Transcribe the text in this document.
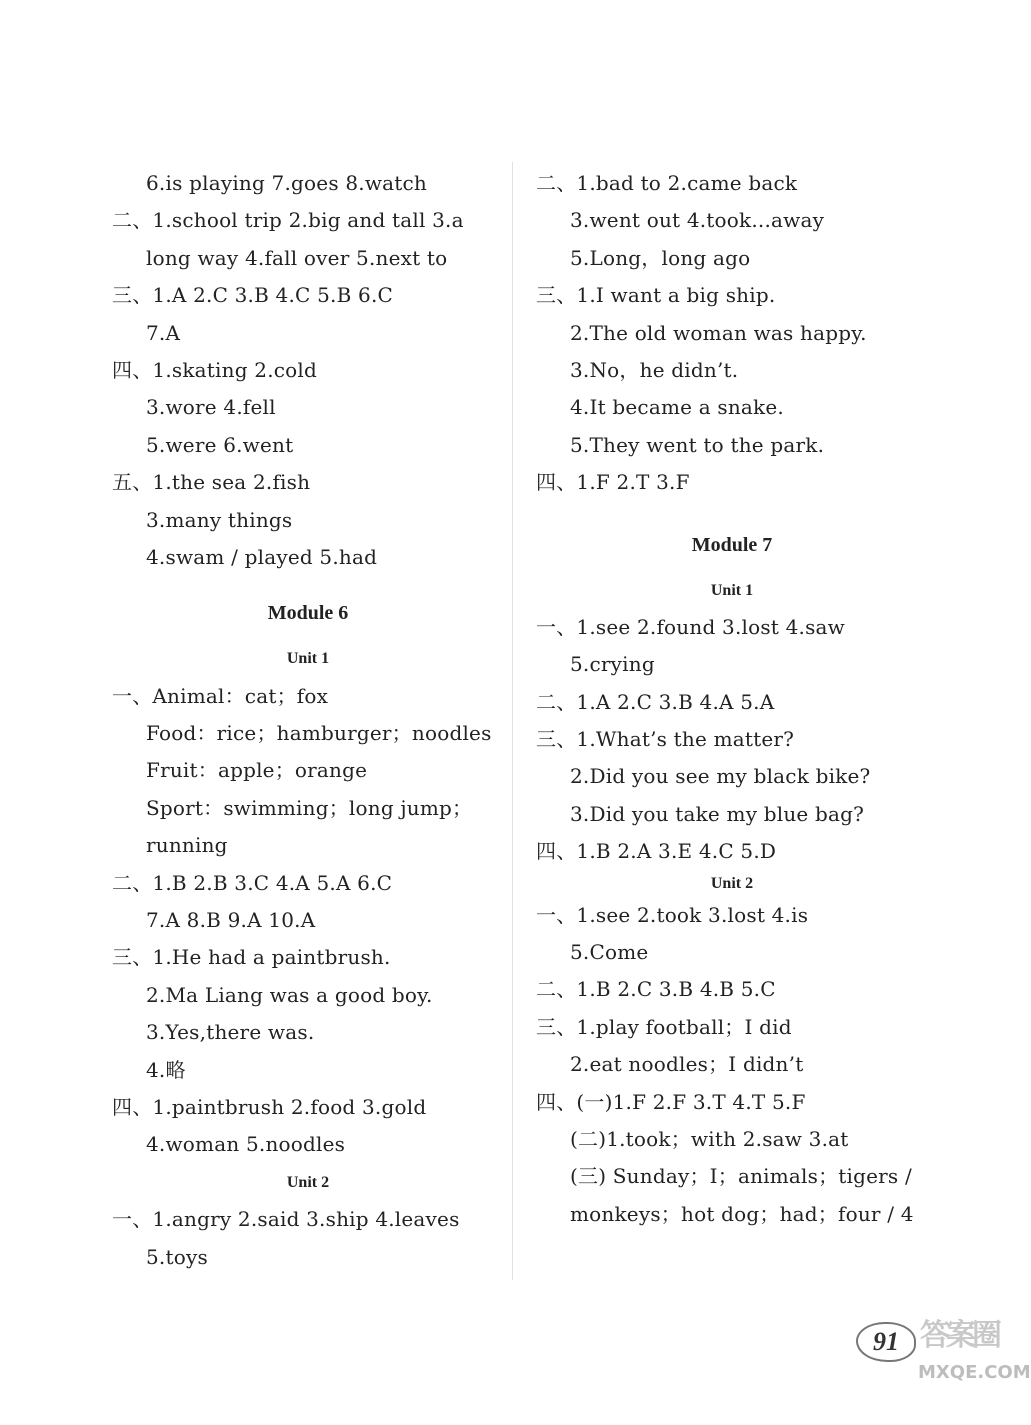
6.is playing 7.goes 8.watch
二、1.school trip 2.big and tall 3.a
long way 4.fall over 5.next to
三、1.A 2.C 3.B 4.C 5.B 6.C
7.A
四、1.skating 2.cold
3.wore 4.fell
5.were 6.went
五、1.the sea 2.fish
3.many things
4.swam / played 5.had
Module 6
Unit 1
一、Animal：cat；fox
Food：rice；hamburger；noodles
Fruit：apple；orange
Sport：swimming；long jump；
running
二、1.B 2.B 3.C 4.A 5.A 6.C
7.A 8.B 9.A 10.A
三、1.He had a paintbrush.
2.Ma Liang was a good boy.
3.Yes,there was.
4.略
四、1.paintbrush 2.food 3.gold
4.woman 5.noodles
Unit 2
一、1.angry 2.said 3.ship 4.leaves
5.toys
二、1.bad to 2.came back
3.went out 4.took...away
5.Long，long ago
三、1.I want a big ship.
2.The old woman was happy.
3.No，he didn’t.
4.It became a snake.
5.They went to the park.
四、1.F 2.T 3.F
Module 7
Unit 1
一、1.see 2.found 3.lost 4.saw
5.crying
二、1.A 2.C 3.B 4.A 5.A
三、1.What’s the matter?
2.Did you see my black bike?
3.Did you take my blue bag?
四、1.B 2.A 3.E 4.C 5.D
Unit 2
一、1.see 2.took 3.lost 4.is
5.Come
二、1.B 2.C 3.B 4.B 5.C
三、1.play football；I did
2.eat noodles；I didn’t
四、(一)1.F 2.F 3.T 4.T 5.F
(二)1.took；with 2.saw 3.at
(三) Sunday；I；animals；tigers /
monkeys；hot dog；had；four / 4
91 答案圈
MXQE.COM
